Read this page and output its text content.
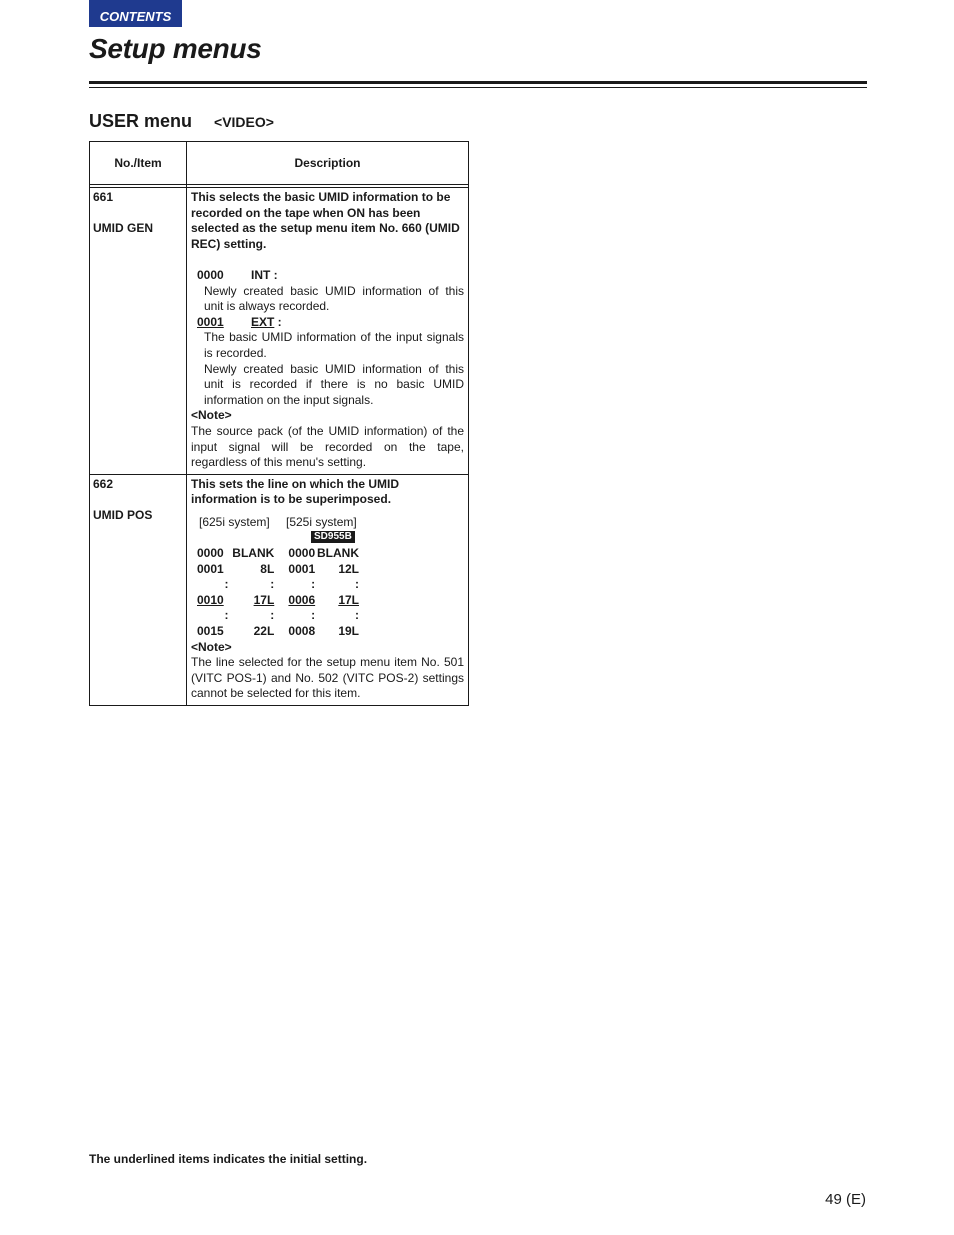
CONTENTS
Setup menus
USER menu <VIDEO>
No./Item	Description

661
UMID GEN

This selects the basic UMID information to be recorded on the tape when ON has been selected as the setup menu item No. 660 (UMID REC) setting.
0000 INT :
Newly created basic UMID information of this unit is always recorded.
0001 EXT :
The basic UMID information of the input signals is recorded.
Newly created basic UMID information of this unit is recorded if there is no basic UMID information on the input signals.
<Note>
The source pack (of the UMID information) of the input signal will be recorded on the tape, regardless of this menu's setting.

662
UMID POS

This sets the line on which the UMID information is to be superimposed.
[625i system] [525i system]
SD955B
0000	BLANK	0000	BLANK
0001	8L	0001	12L
:	:	:	:
0010	17L	0006	17L
:	:	:	:
0015	22L	0008	19L
<Note>
The line selected for the setup menu item No. 501 (VITC POS-1) and No. 502 (VITC POS-2) settings cannot be selected for this item.
The underlined items indicates the initial setting.
49 (E)
